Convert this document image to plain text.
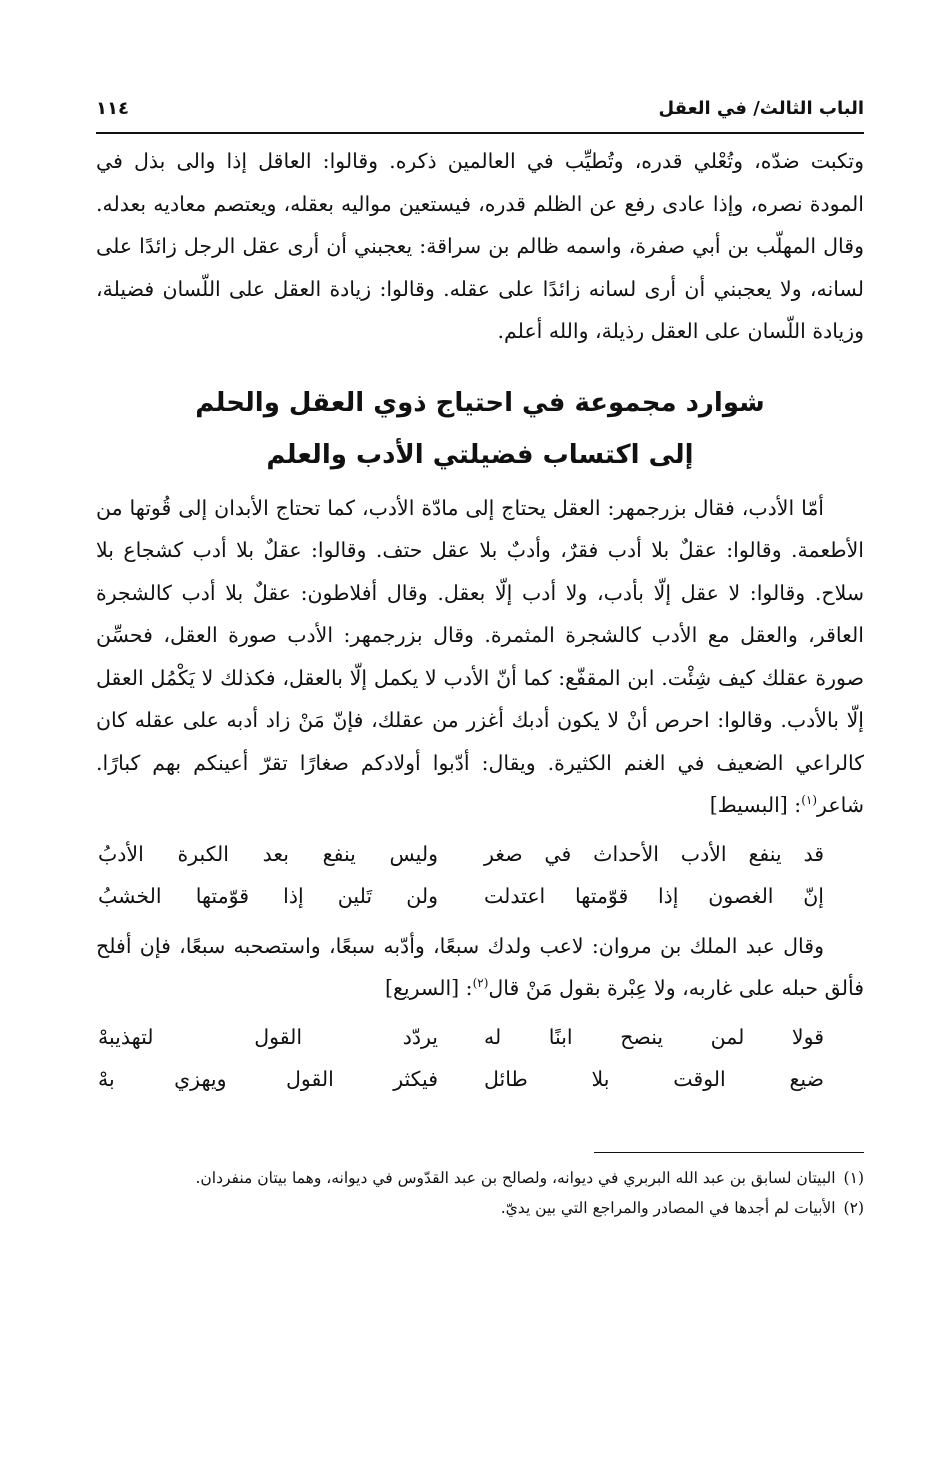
الباب الثالث/ في العقل
١١٤

وتكبت ضدّه، وتُعْلي قدره، وتُطيِّب في العالمين ذكره. وقالوا: العاقل إذا والى بذل في المودة نصره، وإذا عادى رفع عن الظلم قدره، فيستعين مواليه بعقله، ويعتصم معاديه بعدله. وقال المهلّب بن أبي صفرة، واسمه ظالم بن سراقة: يعجبني أن أرى عقل الرجل زائدًا على لسانه، ولا يعجبني أن أرى لسانه زائدًا على عقله. وقالوا: زيادة العقل على اللّسان فضيلة، وزيادة اللّسان على العقل رذيلة، والله أعلم.

شوارد مجموعة في احتياج ذوي العقل والحلم
إلى اكتساب فضيلتي الأدب والعلم

أمّا الأدب، فقال بزرجمهر: العقل يحتاج إلى مادّة الأدب، كما تحتاج الأبدان إلى قُوتها من الأطعمة. وقالوا: عقلٌ بلا أدب فقرٌ، وأدبٌ بلا عقل حتف. وقالوا: عقلٌ بلا أدب كشجاع بلا سلاح. وقالوا: لا عقل إلّا بأدب، ولا أدب إلّا بعقل. وقال أفلاطون: عقلٌ بلا أدب كالشجرة العاقر، والعقل مع الأدب كالشجرة المثمرة. وقال بزرجمهر: الأدب صورة العقل، فحسِّن صورة عقلك كيف شِئْت. ابن المقفّع: كما أنّ الأدب لا يكمل إلّا بالعقل، فكذلك لا يَكْمُل العقل إلّا بالأدب. وقالوا: احرص أنْ لا يكون أدبك أغزر من عقلك، فإنّ مَنْ زاد أدبه على عقله كان كالراعي الضعيف في الغنم الكثيرة. ويقال: أدّبوا أولادكم صغارًا تقرّ أعينكم بهم كبارًا. شاعر$^{(١)}$: [البسيط]

قد ينفع الأدب الأحداث في صغر
وليس ينفع بعد الكبرة الأدبُ
إنّ الغصون إذا قوّمتها اعتدلت
ولن تَلين إذا قوّمتها الخشبُ

وقال عبد الملك بن مروان: لاعب ولدك سبعًا، وأدّبه سبعًا، واستصحبه سبعًا، فإن أفلح فألق حبله على غاربه، ولا عِبْرة بقول مَنْ قال$^{(٢)}$: [السريع]

قولا لمن ينصح ابنًا له
يردّد القول لتهذيبهْ
ضيع الوقت بلا طائل
فيكثر القول ويهزي بهْ

(١)البيتان لسابق بن عبد الله البربري في ديوانه، ولصالح بن عبد القدّوس في ديوانه، وهما بيتان منفردان.

(٢)الأبيات لم أجدها في المصادر والمراجع التي بين يديّ.
